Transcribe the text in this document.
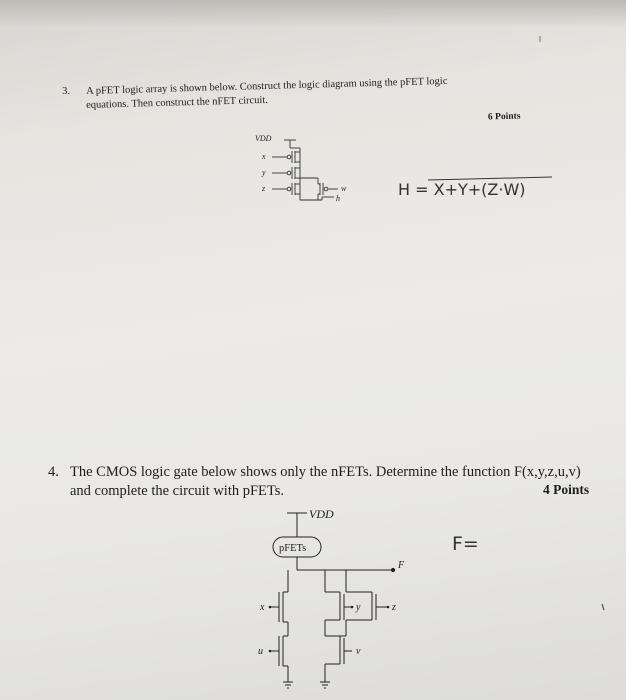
3. A pFET logic array is shown below. Construct the logic diagram using the pFET logic
equations. Then construct the nFET circuit.
6 Points
4. The CMOS logic gate below shows only the nFETs. Determine the function F(x,y,z,u,v)
and complete the circuit with pFETs.	4 Points
VDD
x
y
z	w
h	H = X+Y+(Z·W)
VDD
pFETs
F
x	y	z
u	v
F=
